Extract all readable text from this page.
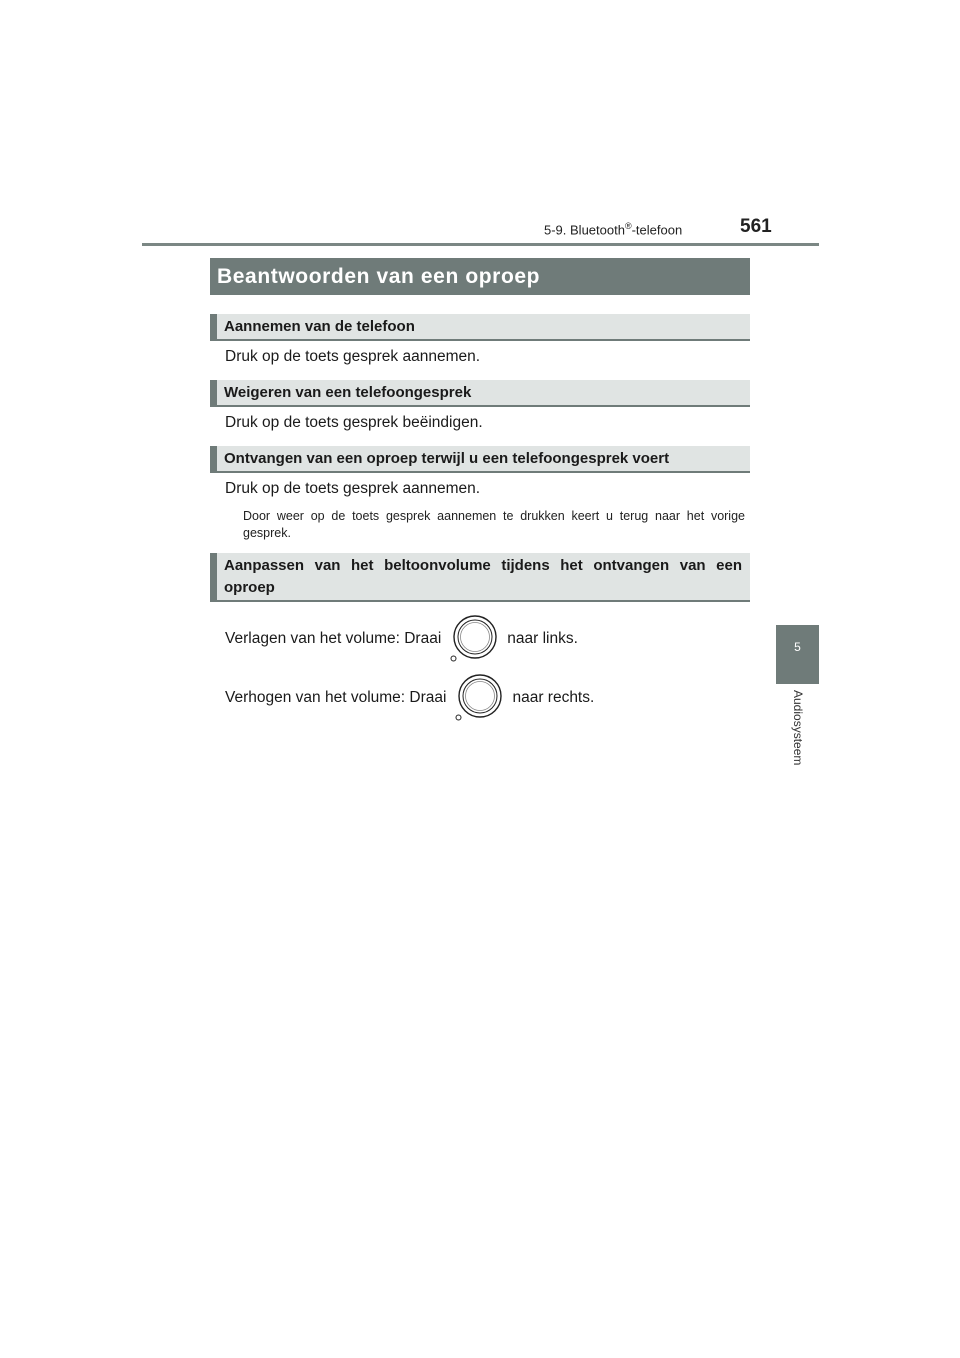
5-9. Bluetooth®-telefoon	561
5
Audiosysteem
Beantwoorden van een oproep
Aannemen van de telefoon
Druk op de toets gesprek aannemen.
Weigeren van een telefoongesprek
Druk op de toets gesprek beëindigen.
Ontvangen van een oproep terwijl u een telefoongesprek voert
Druk op de toets gesprek aannemen.
Door weer op de toets gesprek aannemen te drukken keert u terug naar het vorige gesprek.
Aanpassen van het beltoonvolume tijdens het ontvangen van een oproep
Verlagen van het volume: Draai	naar links.
Verhogen van het volume: Draai	naar rechts.
